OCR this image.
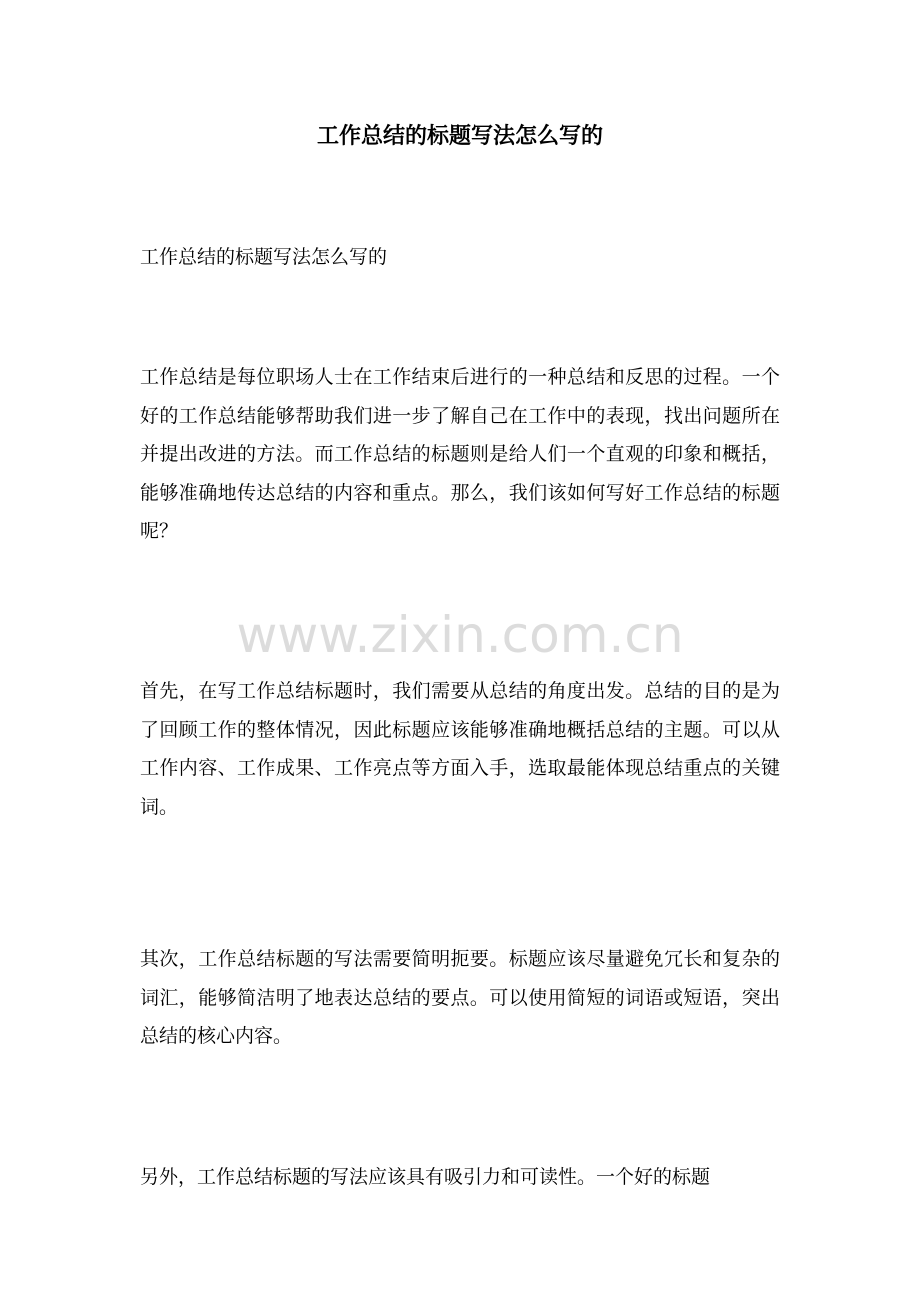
工作总结的标题写法怎么写的

工作总结的标题写法怎么写的

工作总结是每位职场人士在工作结束后进行的一种总结和反思的过程。一个好的工作总结能够帮助我们进一步了解自己在工作中的表现，找出问题所在并提出改进的方法。而工作总结的标题则是给人们一个直观的印象和概括，能够准确地传达总结的内容和重点。那么，我们该如何写好工作总结的标题呢？

www.zixin.com.cn

首先，在写工作总结标题时，我们需要从总结的角度出发。总结的目的是为了回顾工作的整体情况，因此标题应该能够准确地概括总结的主题。可以从工作内容、工作成果、工作亮点等方面入手，选取最能体现总结重点的关键词。

其次，工作总结标题的写法需要简明扼要。标题应该尽量避免冗长和复杂的词汇，能够简洁明了地表达总结的要点。可以使用简短的词语或短语，突出总结的核心内容。

另外，工作总结标题的写法应该具有吸引力和可读性。一个好的标题
